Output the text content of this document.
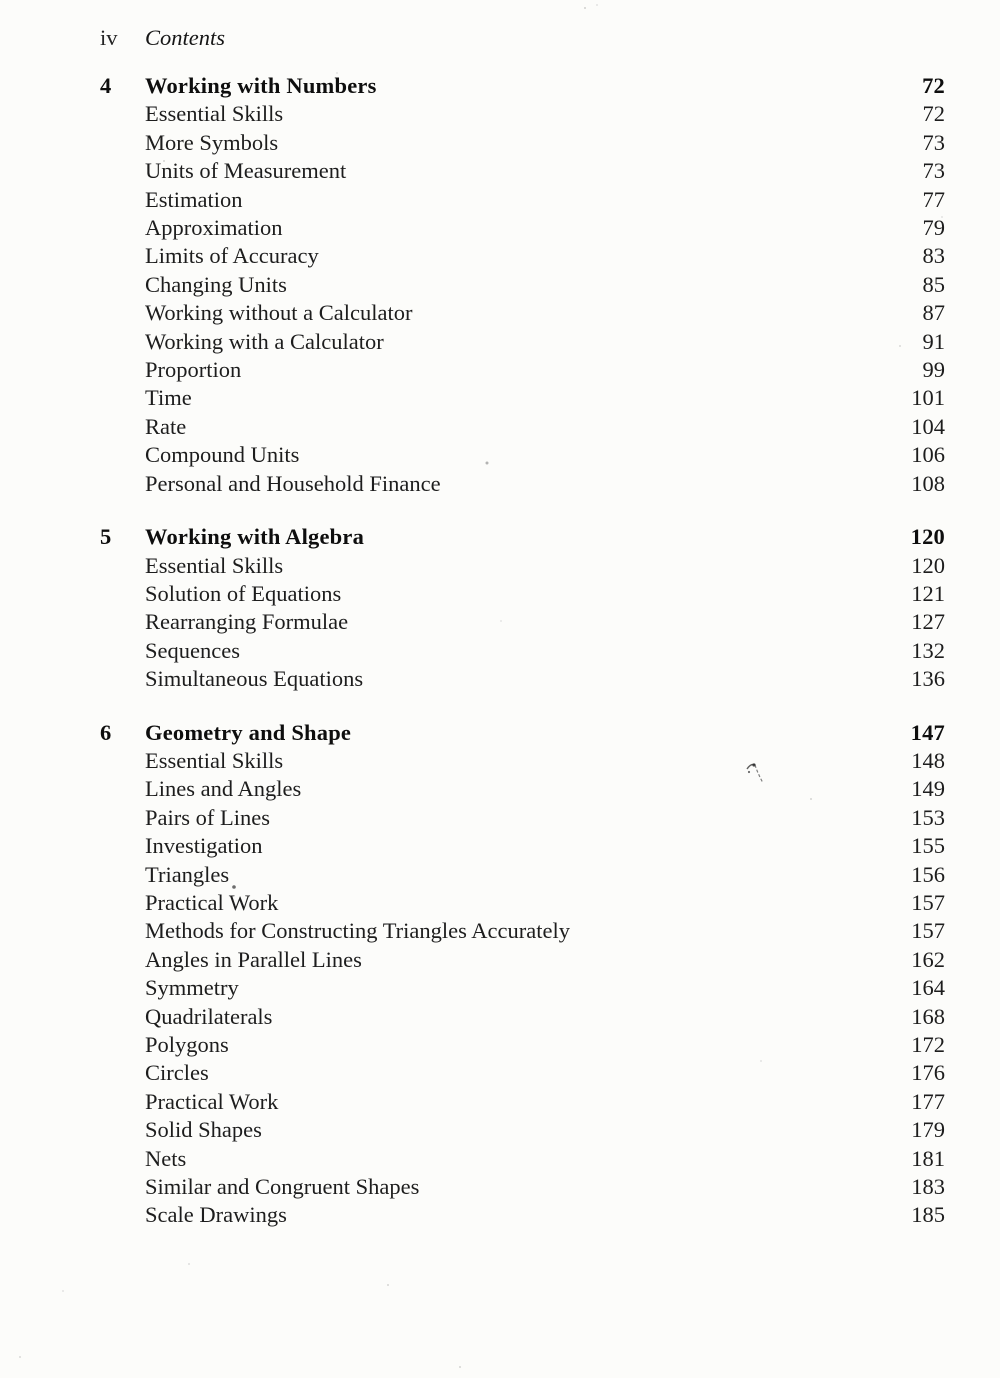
iv Contents
4	Working with Numbers	72
Essential Skills	72
More Symbols	73
Units of Measurement	73
Estimation	77
Approximation	79
Limits of Accuracy	83
Changing Units	85
Working without a Calculator	87
Working with a Calculator	91
Proportion	99
Time	101
Rate	104
Compound Units	106
Personal and Household Finance	108
5	Working with Algebra	120
Essential Skills	120
Solution of Equations	121
Rearranging Formulae	127
Sequences	132
Simultaneous Equations	136
6	Geometry and Shape	147
Essential Skills	148
Lines and Angles	149
Pairs of Lines	153
Investigation	155
Triangles	156
Practical Work	157
Methods for Constructing Triangles Accurately	157
Angles in Parallel Lines	162
Symmetry	164
Quadrilaterals	168
Polygons	172
Circles	176
Practical Work	177
Solid Shapes	179
Nets	181
Similar and Congruent Shapes	183
Scale Drawings	185
